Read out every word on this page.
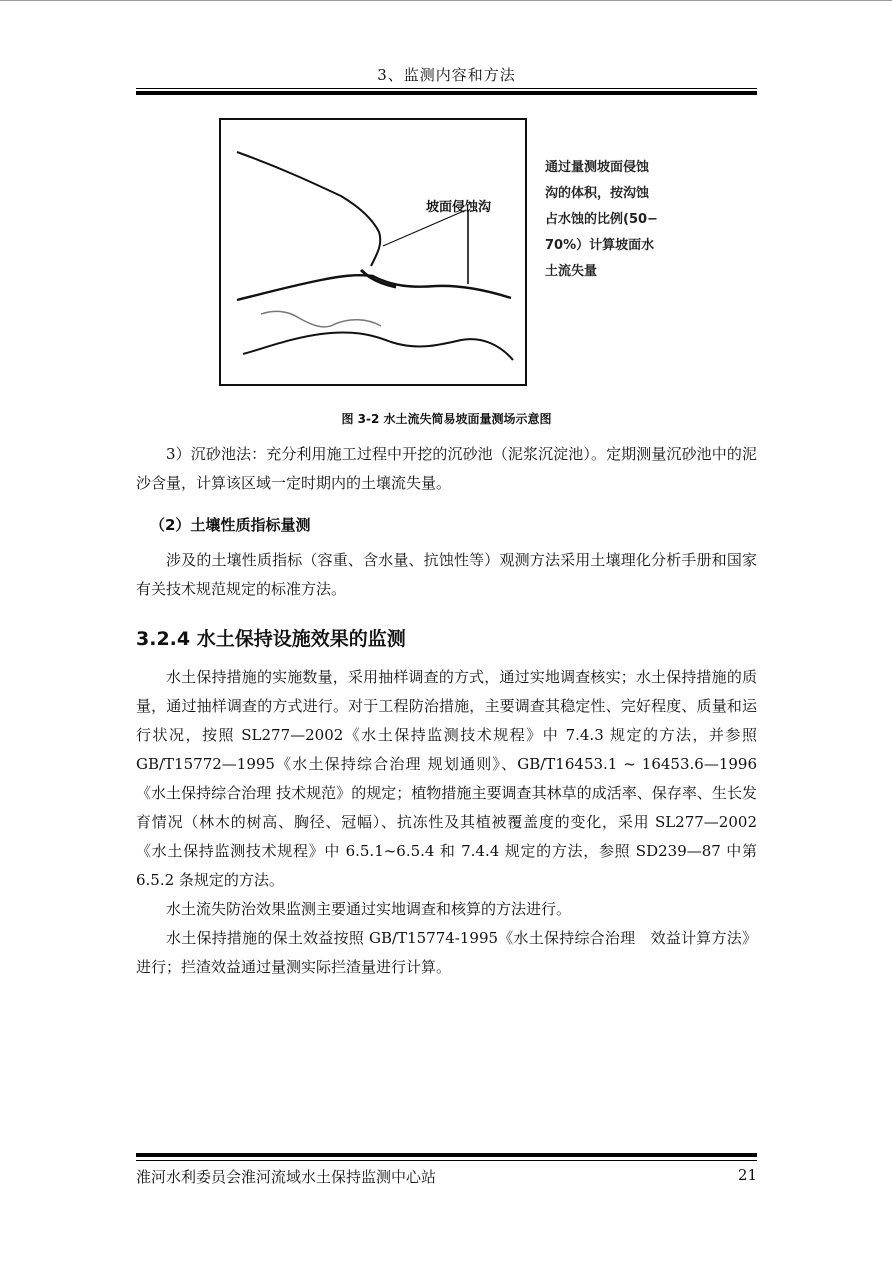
3、监测内容和方法
坡面侵蚀沟
通过量测坡面侵蚀
沟的体积，按沟蚀
占水蚀的比例(50−
70%）计算坡面水
土流失量
图 3-2 水土流失简易坡面量测场示意图

3）沉砂池法：充分利用施工过程中开挖的沉砂池（泥浆沉淀池）。定期测量沉砂池中的泥沙含量，计算该区域一定时期内的土壤流失量。

（2）土壤性质指标量测

涉及的土壤性质指标（容重、含水量、抗蚀性等）观测方法采用土壤理化分析手册和国家有关技术规范规定的标准方法。

3.2.4 水土保持设施效果的监测

水土保持措施的实施数量，采用抽样调查的方式，通过实地调查核实；水土保持措施的质量，通过抽样调查的方式进行。对于工程防治措施，主要调查其稳定性、完好程度、质量和运行状况，按照 SL277—2002《水土保持监测技术规程》中 7.4.3 规定的方法，并参照 GB/T15772—1995《水土保持综合治理 规划通则》、GB/T16453.1 ~ 16453.6—1996《水土保持综合治理 技术规范》的规定；植物措施主要调查其林草的成活率、保存率、生长发育情况（林木的树高、胸径、冠幅）、抗冻性及其植被覆盖度的变化，采用 SL277—2002《水土保持监测技术规程》中 6.5.1~6.5.4 和 7.4.4 规定的方法，参照 SD239—87 中第 6.5.2 条规定的方法。

水土流失防治效果监测主要通过实地调查和核算的方法进行。

水土保持措施的保土效益按照 GB/T15774-1995《水土保持综合治理　效益计算方法》进行；拦渣效益通过量测实际拦渣量进行计算。

淮河水利委员会淮河流域水土保持监测中心站	21
